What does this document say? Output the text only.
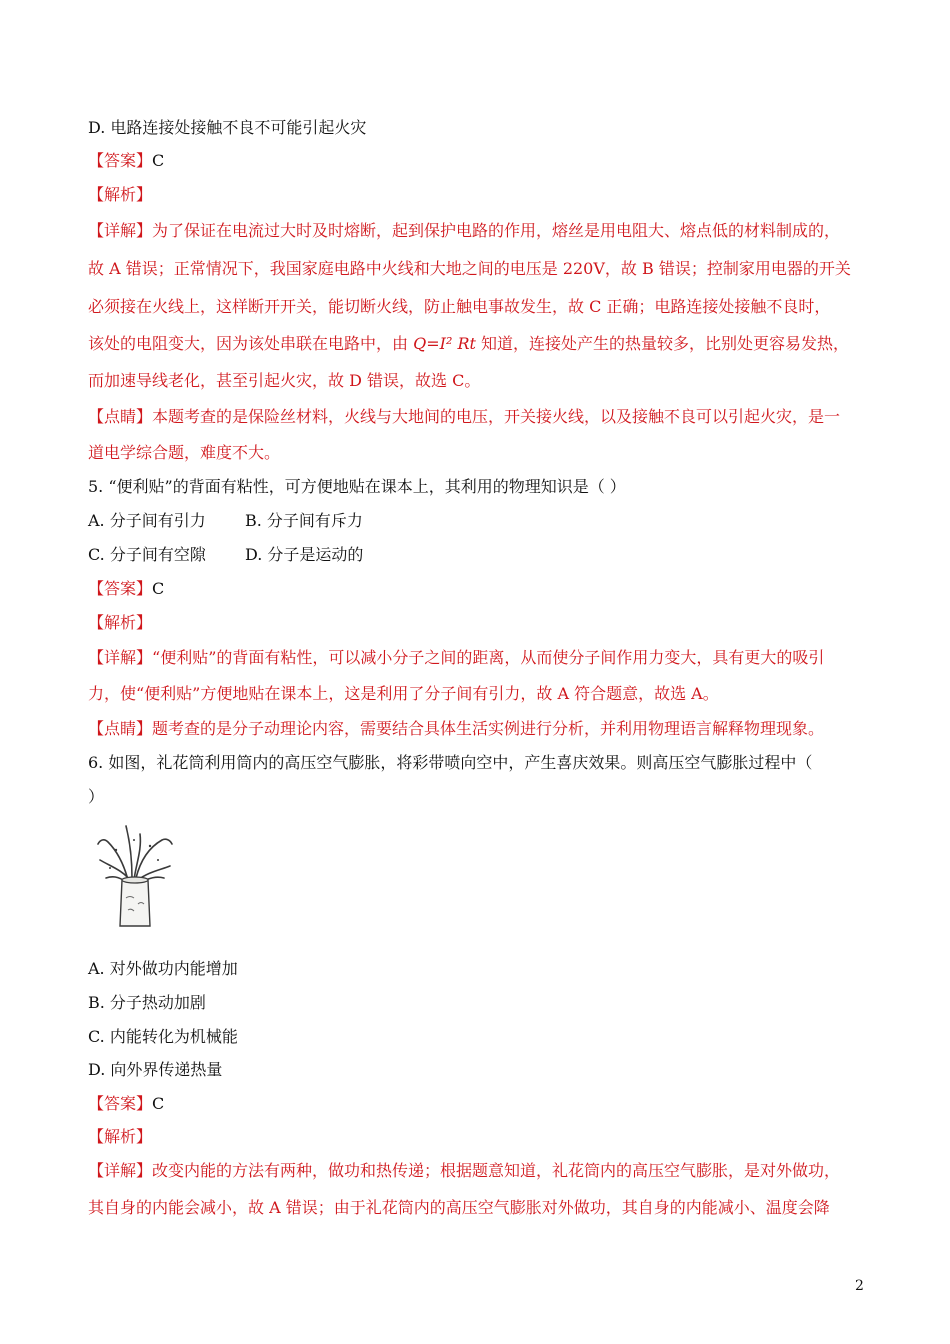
D. 电路连接处接触不良不可能引起火灾
【答案】C
【解析】
【详解】为了保证在电流过大时及时熔断，起到保护电路的作用，熔丝是用电阻大、熔点低的材料制成的，
故 A 错误；正常情况下，我国家庭电路中火线和大地之间的电压是 220V，故 B 错误；控制家用电器的开关
必须接在火线上，这样断开开关，能切断火线，防止触电事故发生，故 C 正确；电路连接处接触不良时，
该处的电阻变大，因为该处串联在电路中，由 Q=I² Rt 知道，连接处产生的热量较多，比别处更容易发热，
而加速导线老化，甚至引起火灾，故 D 错误，故选 C。
【点睛】本题考查的是保险丝材料，火线与大地间的电压，开关接火线，以及接触不良可以引起火灾，是一
道电学综合题，难度不大。
5. “便利贴”的背面有粘性，可方便地贴在课本上，其利用的物理知识是（ ）
A. 分子间有引力 B. 分子间有斥力
C. 分子间有空隙 D. 分子是运动的
【答案】C
【解析】
【详解】“便利贴”的背面有粘性，可以减小分子之间的距离，从而使分子间作用力变大，具有更大的吸引
力，使“便利贴”方便地贴在课本上，这是利用了分子间有引力，故 A 符合题意，故选 A。
【点睛】题考查的是分子动理论内容，需要结合具体生活实例进行分析，并利用物理语言解释物理现象。
6. 如图，礼花筒利用筒内的高压空气膨胀，将彩带喷向空中，产生喜庆效果。则高压空气膨胀过程中（
）
A. 对外做功内能增加
B. 分子热动加剧
C. 内能转化为机械能
D. 向外界传递热量
【答案】C
【解析】
【详解】改变内能的方法有两种，做功和热传递；根据题意知道，礼花筒内的高压空气膨胀，是对外做功，
其自身的内能会减小，故 A 错误；由于礼花筒内的高压空气膨胀对外做功，其自身的内能减小、温度会降
2
